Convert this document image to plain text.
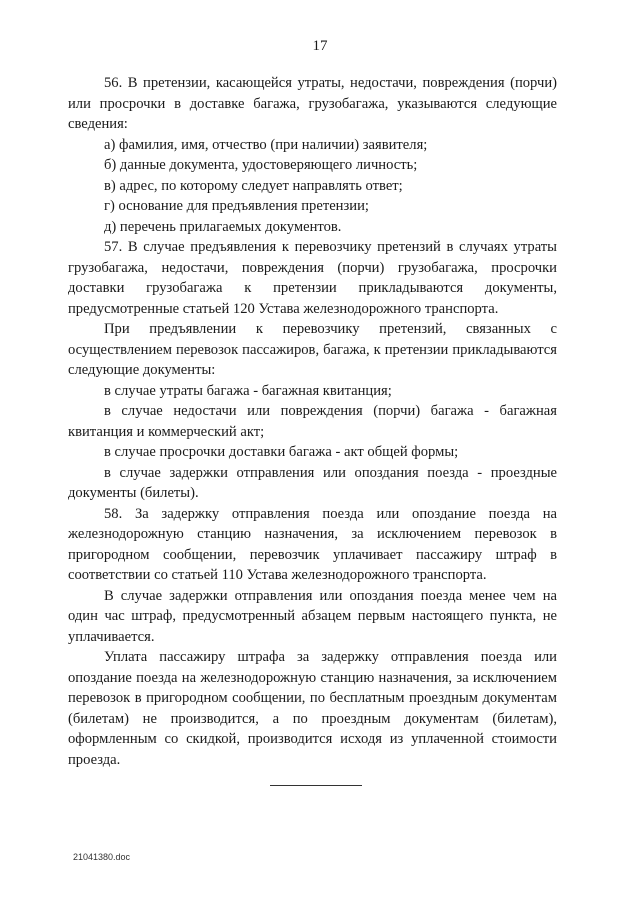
17

56. В претензии, касающейся утраты, недостачи, повреждения (порчи) или просрочки в доставке багажа, грузобагажа, указываются следующие сведения:

а) фамилия, имя, отчество (при наличии) заявителя;

б) данные документа, удостоверяющего личность;

в) адрес, по которому следует направлять ответ;

г) основание для предъявления претензии;

д) перечень прилагаемых документов.

57. В случае предъявления к перевозчику претензий в случаях утраты грузобагажа, недостачи, повреждения (порчи) грузобагажа, просрочки доставки грузобагажа к претензии прикладываются документы, предусмотренные статьей 120 Устава железнодорожного транспорта.

При предъявлении к перевозчику претензий, связанных с осуществлением перевозок пассажиров, багажа, к претензии прикладываются следующие документы:

в случае утраты багажа - багажная квитанция;

в случае недостачи или повреждения (порчи) багажа - багажная квитанция и коммерческий акт;

в случае просрочки доставки багажа - акт общей формы;

в случае задержки отправления или опоздания поезда - проездные документы (билеты).

58. За задержку отправления поезда или опоздание поезда на железнодорожную станцию назначения, за исключением перевозок в пригородном сообщении, перевозчик уплачивает пассажиру штраф в соответствии со статьей 110 Устава железнодорожного транспорта.

В случае задержки отправления или опоздания поезда менее чем на один час штраф, предусмотренный абзацем первым настоящего пункта, не уплачивается.

Уплата пассажиру штрафа за задержку отправления поезда или опоздание поезда на железнодорожную станцию назначения, за исключением перевозок в пригородном сообщении, по бесплатным проездным документам (билетам) не производится, а по проездным документам (билетам), оформленным со скидкой, производится исходя из уплаченной стоимости проезда.

21041380.doc
